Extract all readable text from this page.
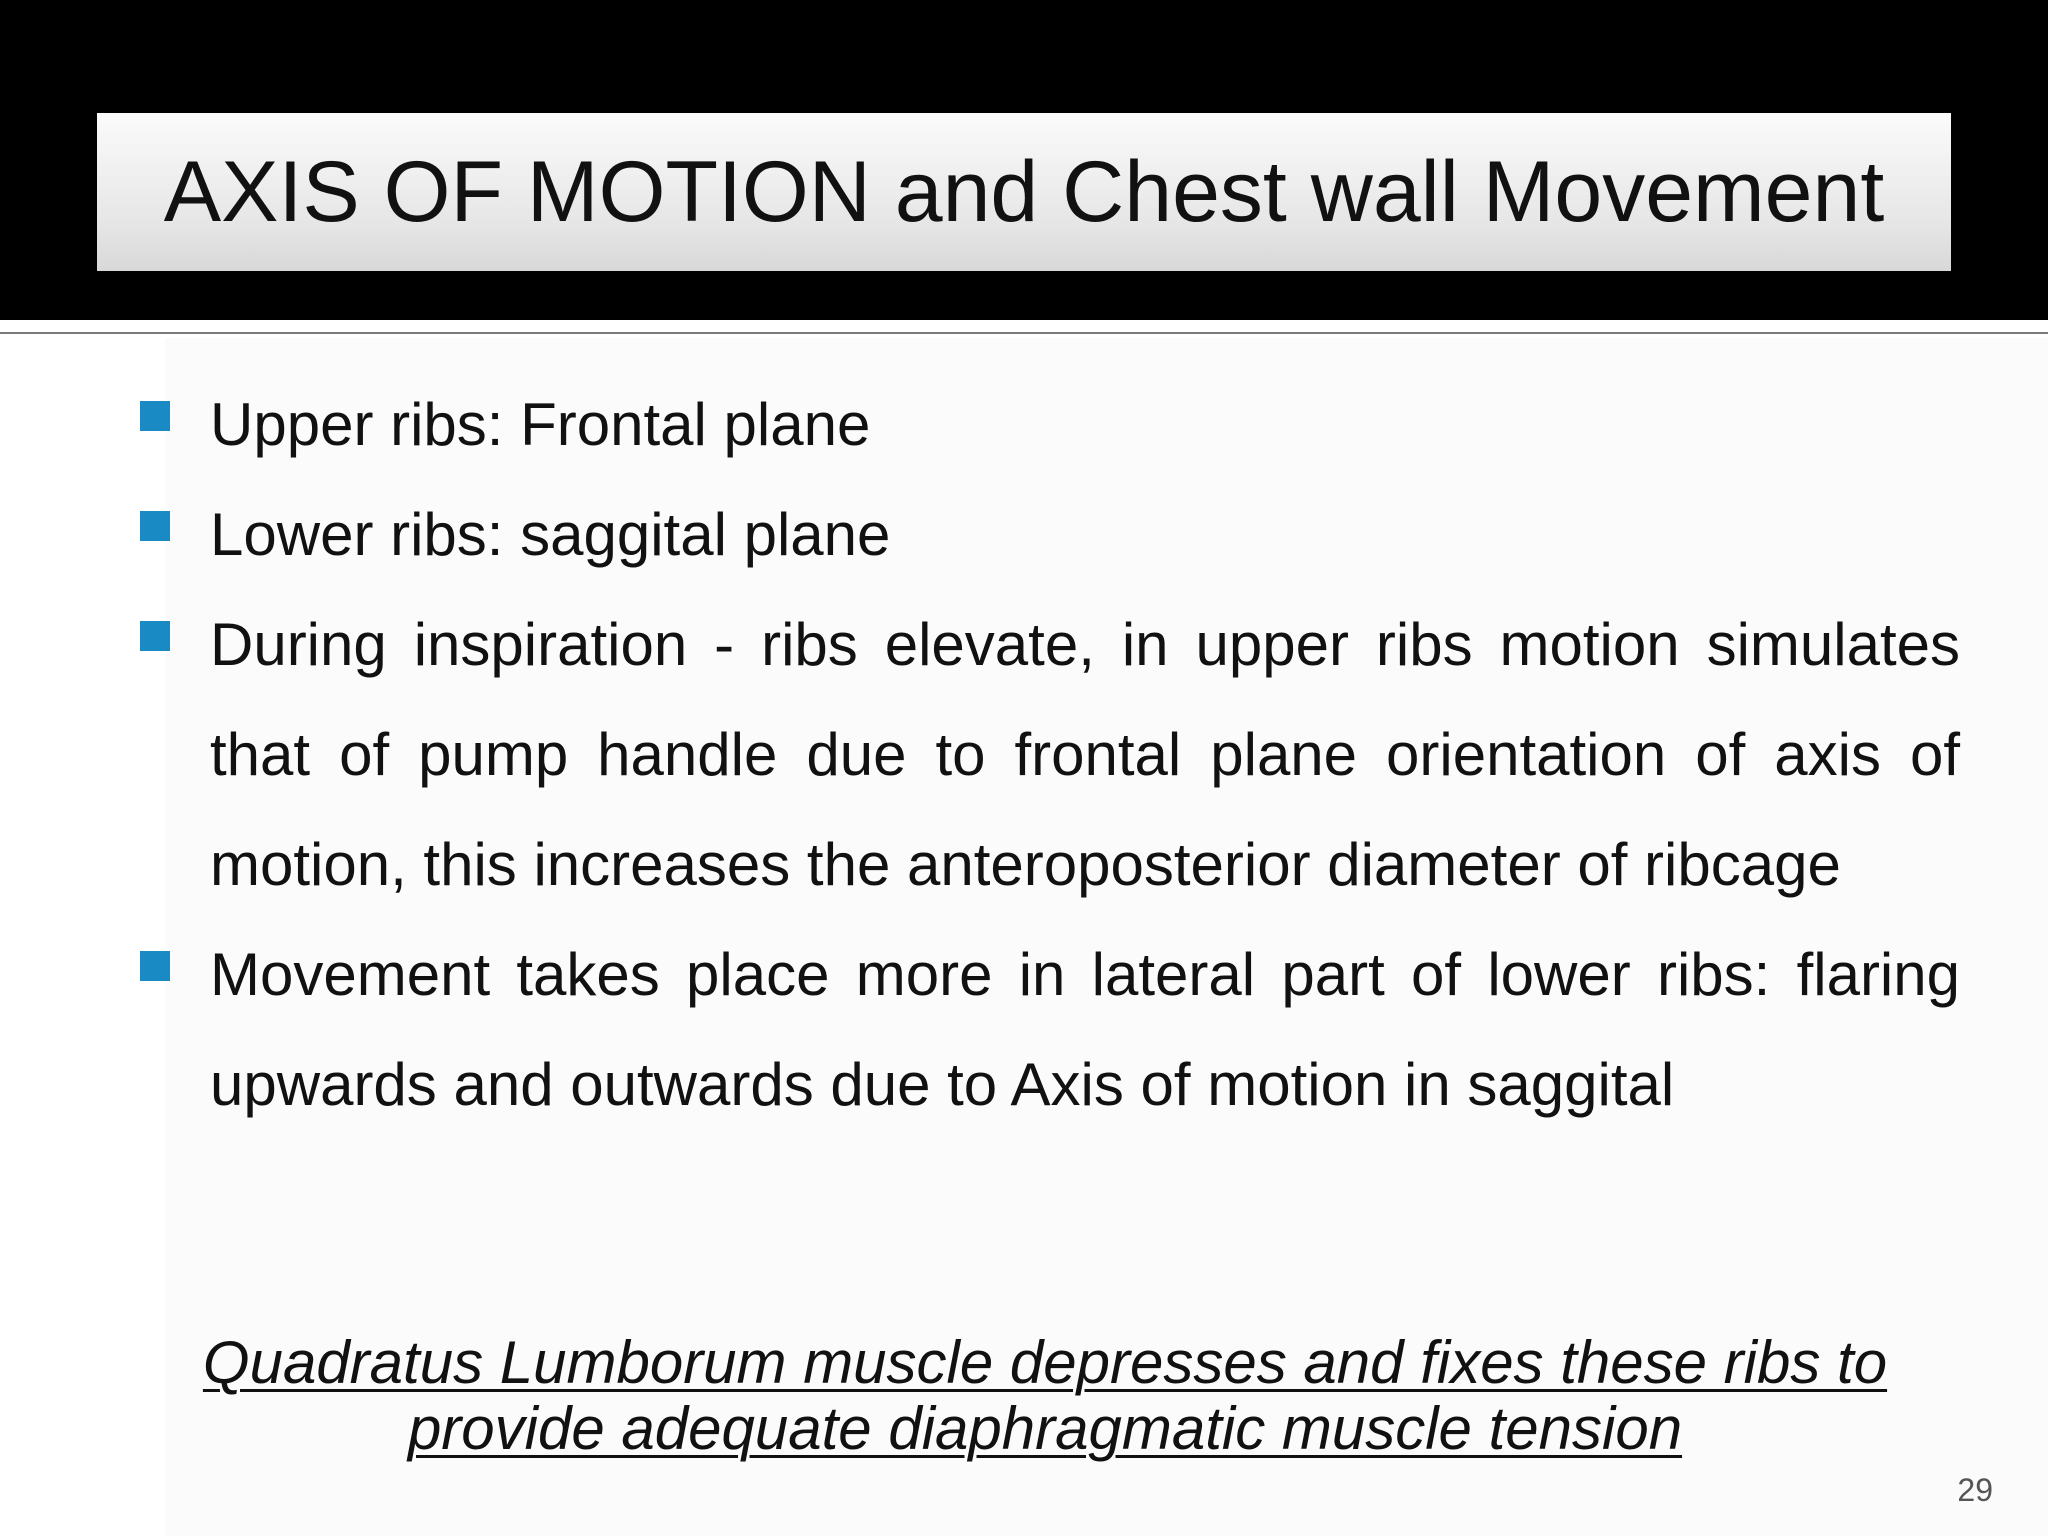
AXIS OF MOTION and Chest wall Movement
Upper ribs: Frontal plane
Lower ribs: saggital plane
During inspiration - ribs elevate, in upper ribs motion simulates that of pump handle due to frontal plane orientation of axis of motion, this increases the anteroposterior diameter of ribcage
Movement takes place more in lateral part of lower ribs: flaring upwards and outwards due to Axis of motion in saggital
Quadratus Lumborum muscle depresses and fixes these ribs to provide adequate diaphragmatic muscle tension
29
